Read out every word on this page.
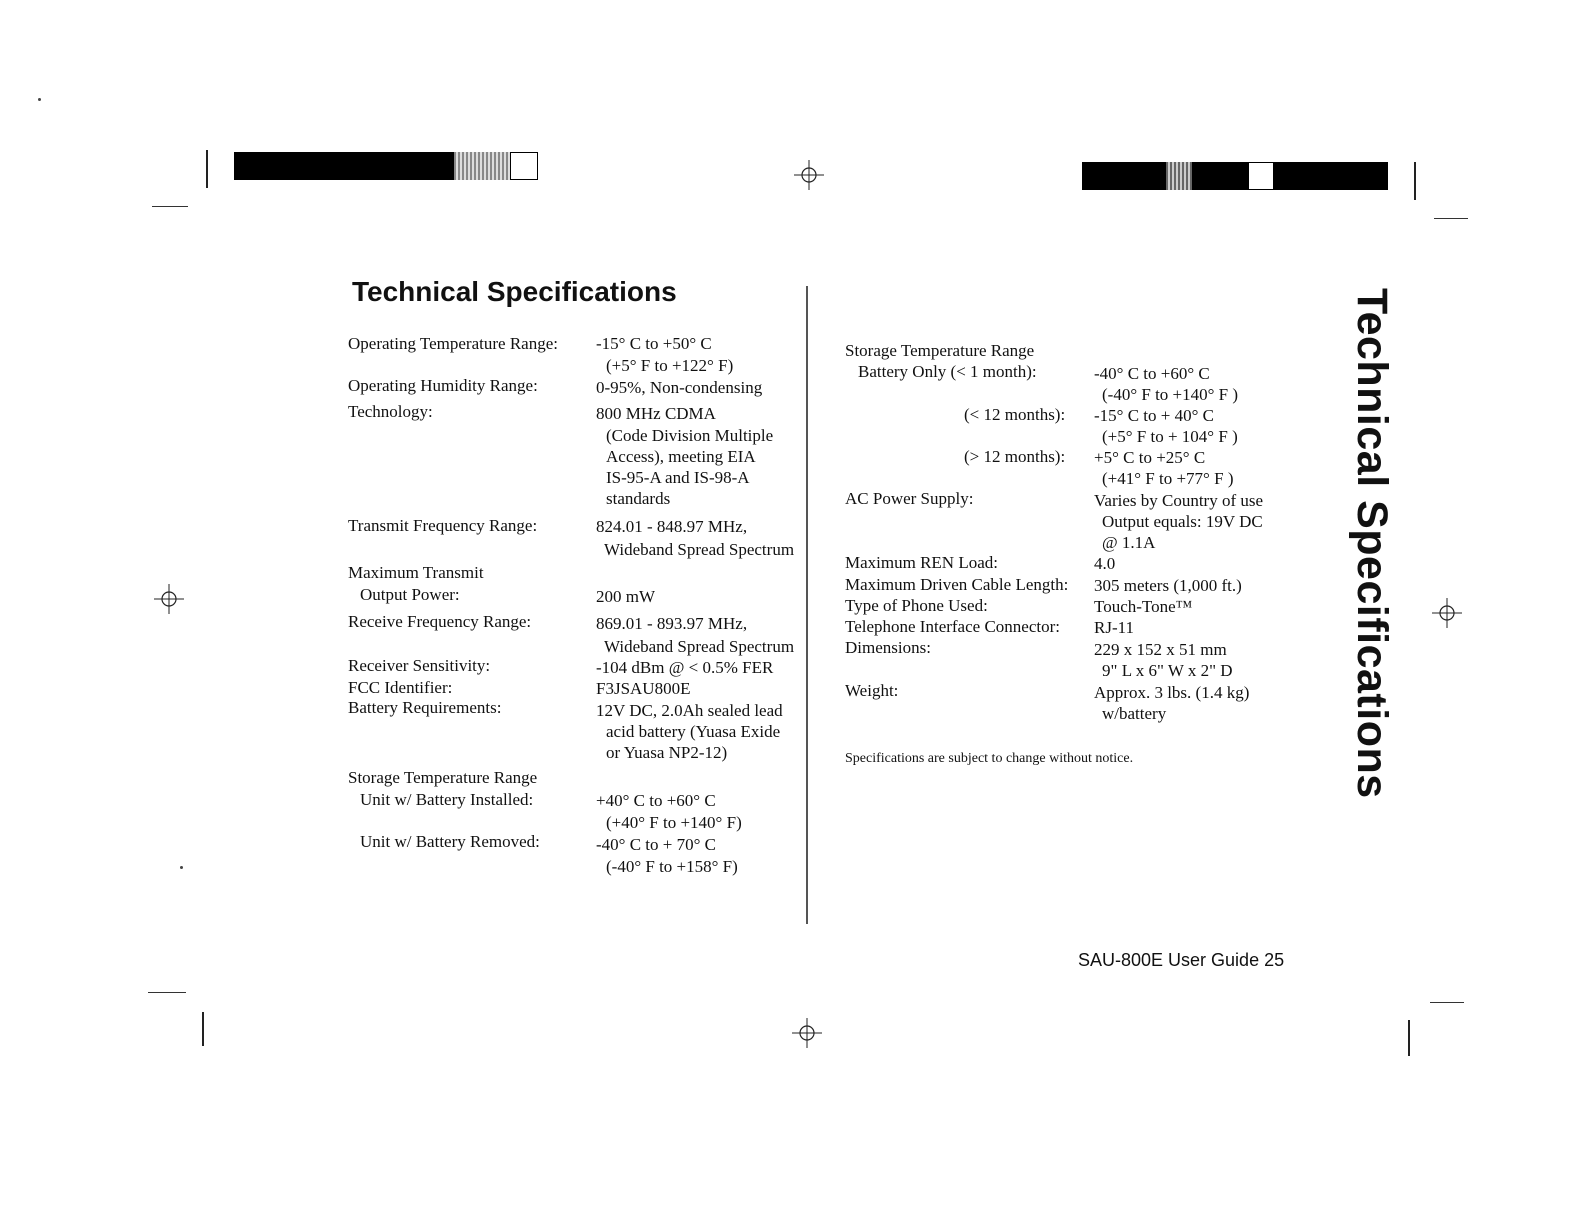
Technical Specifications	Technical Specifications
Operating Temperature Range: -15° C to +50° C
(+5° F to +122° F)
Operating Humidity Range:	0-95%, Non-condensing
Technology:	800 MHz CDMA
(Code Division Multiple
Access), meeting EIA
IS-95-A and IS-98-A
standards
Transmit Frequency Range:	824.01 - 848.97 MHz,
Wideband Spread Spectrum
Maximum Transmit
Output Power:	200 mW
Receive Frequency Range:	869.01 - 893.97 MHz,
Wideband Spread Spectrum
Receiver Sensitivity:	-104 dBm @ < 0.5% FER
FCC Identifier:	F3JSAU800E
Battery Requirements:	12V DC, 2.0Ah sealed lead
acid battery (Yuasa Exide
or Yuasa NP2-12)
Storage Temperature Range
Unit w/ Battery Installed:	+40° C to +60° C
(+40° F to +140° F)
Unit w/ Battery Removed:	-40° C to + 70° C
(-40° F to +158° F)
Storage Temperature Range
Battery Only (< 1 month):	-40° C to +60° C
(-40° F to +140° F )
(< 12 months): -15° C to + 40° C
(+5° F to + 104° F )
(> 12 months): +5° C to +25° C
(+41° F to +77° F )
AC Power Supply:	Varies by Country of use
Output equals: 19V DC
@ 1.1A
Maximum REN Load:	4.0
Maximum Driven Cable Length: 305 meters (1,000 ft.)
Type of Phone Used:	Touch-Tone™
Telephone Interface Connector: RJ-11
Dimensions:	229 x 152 x 51 mm
9" L x 6" W x 2" D
Weight:	Approx. 3 lbs. (1.4 kg)
w/battery
Specifications are subject to change without notice.
SAU-800E User Guide 25
